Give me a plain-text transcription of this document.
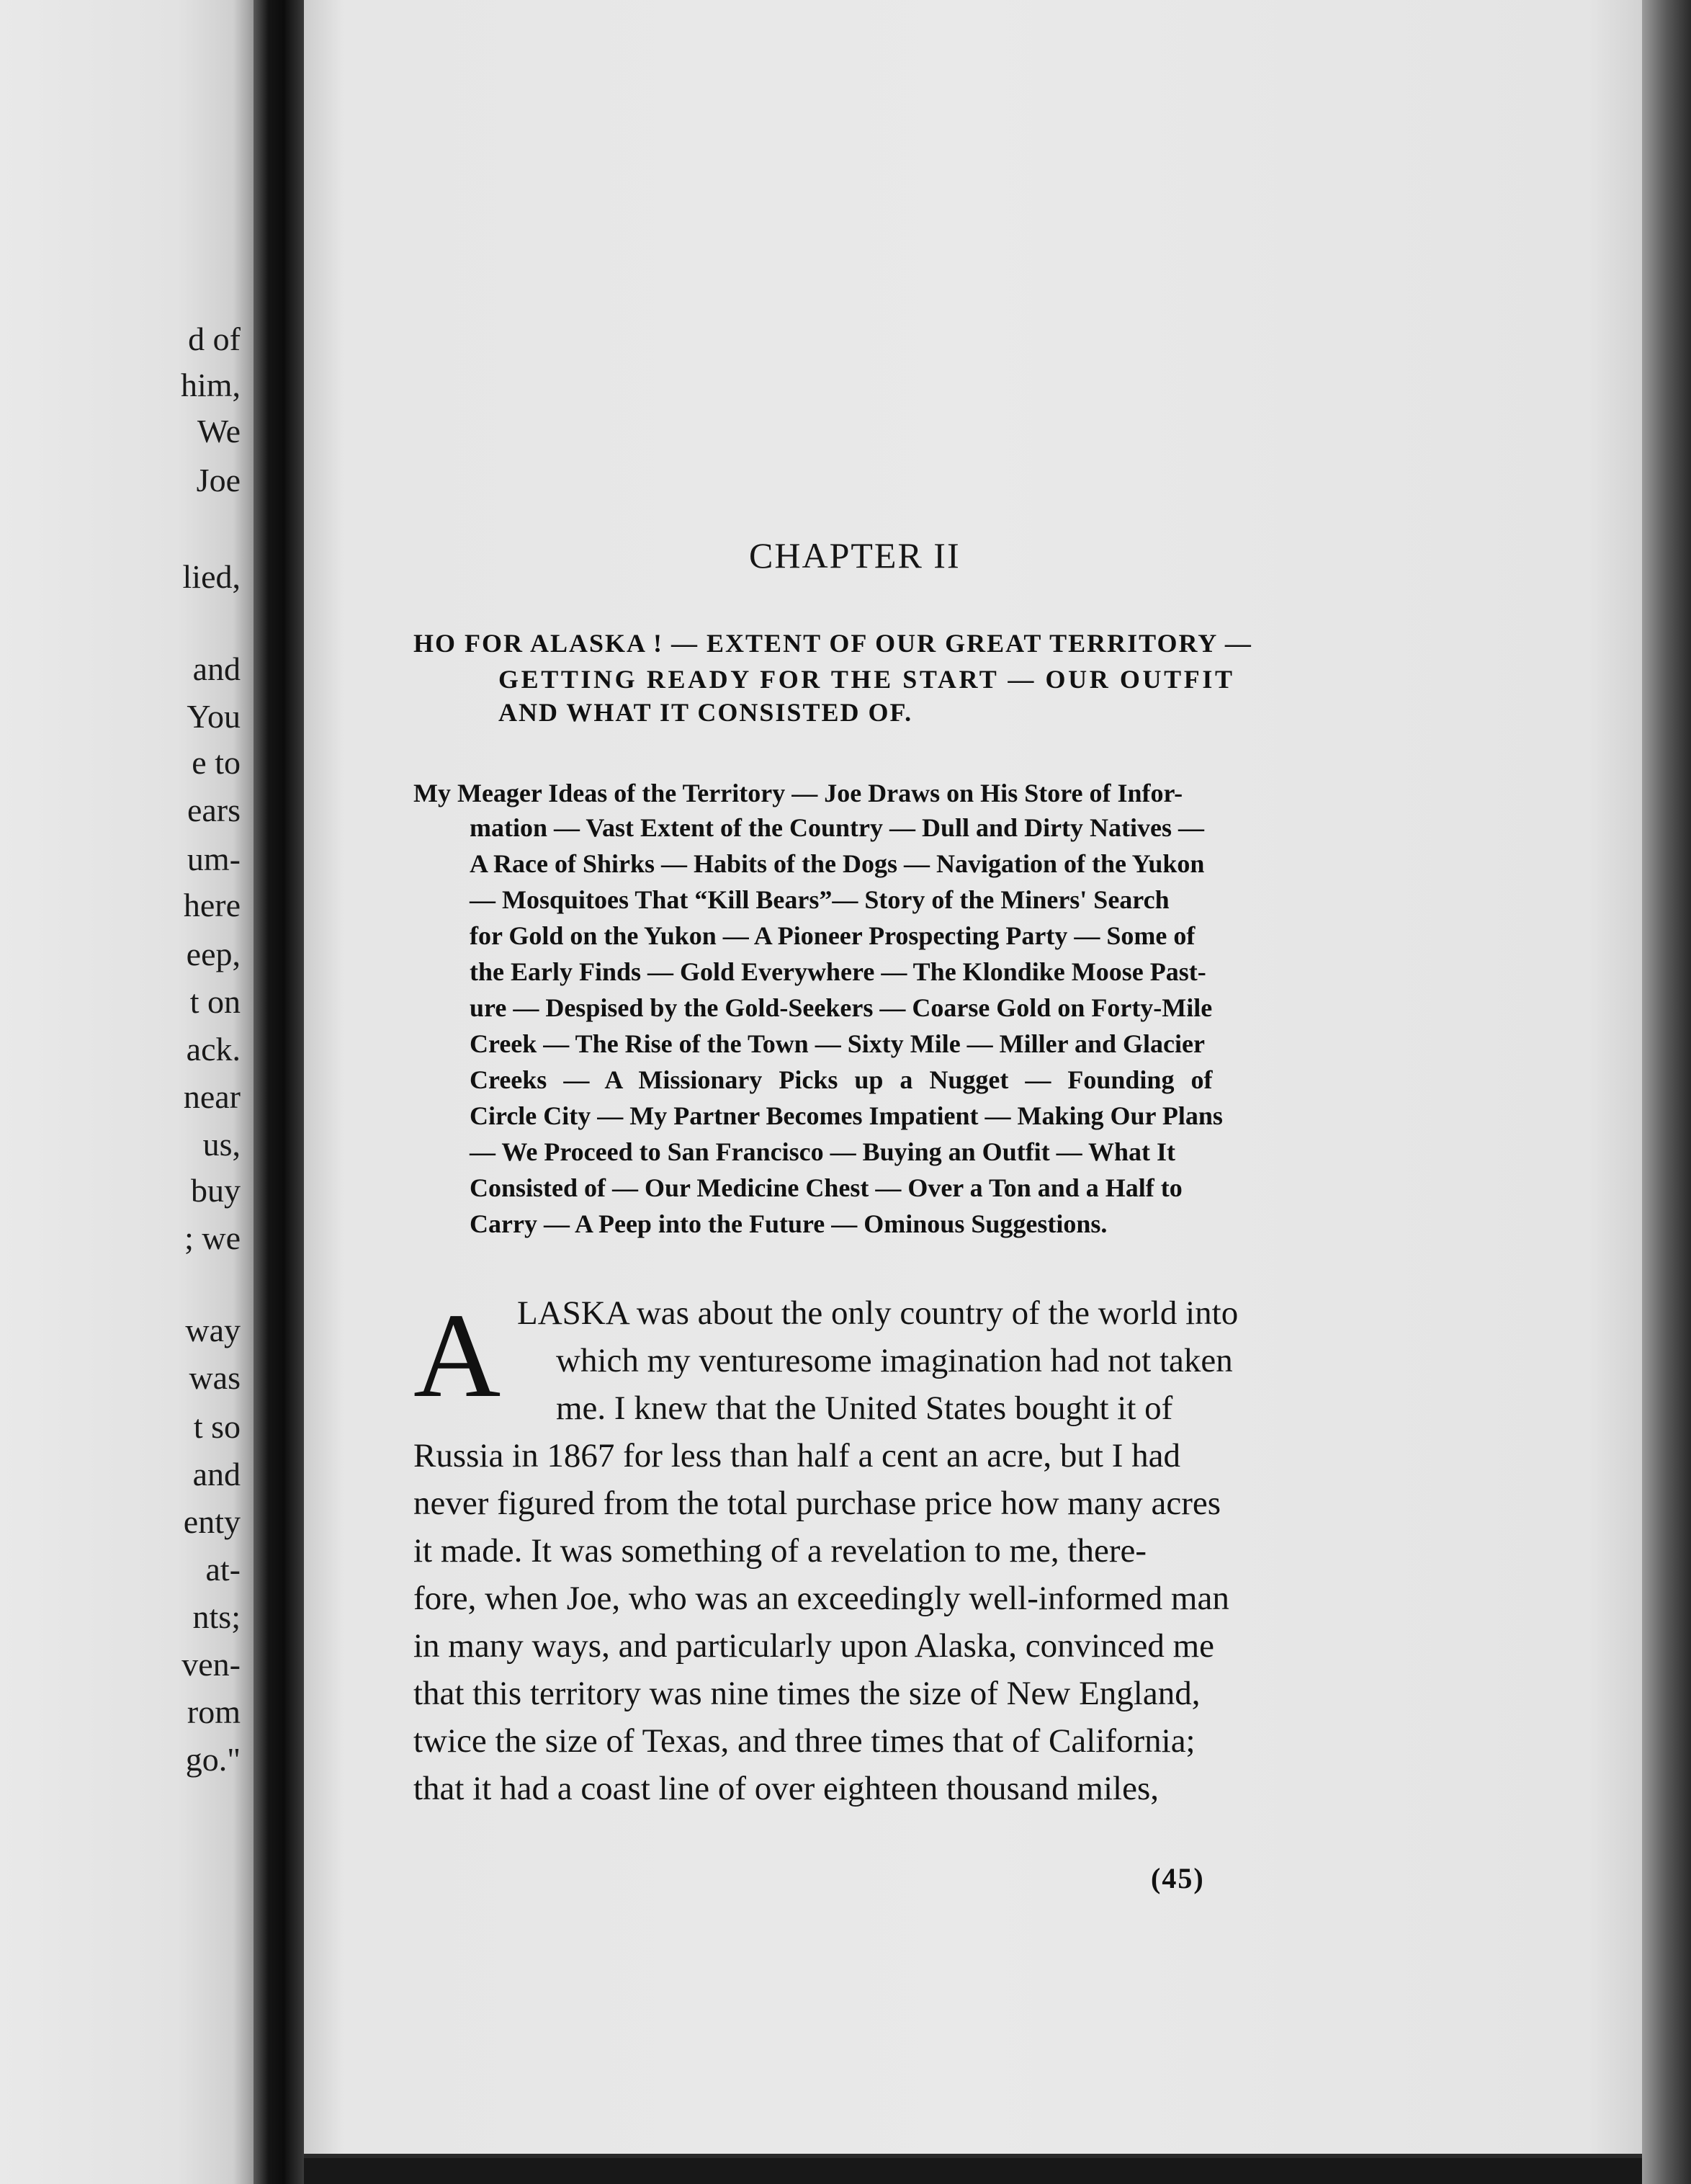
d of
him,
We
Joe
lied,
and
You
e to
ears
um-
here
eep,
t on
ack.
near
us,
buy
; we
way
was
t so
and
enty
at-
nts;
ven-
rom
go."
CHAPTER II
HO FOR ALASKA ! — EXTENT OF OUR GREAT TERRITORY —
GETTING READY FOR THE START — OUR OUTFIT
AND WHAT IT CONSISTED OF.
My Meager Ideas of the Territory — Joe Draws on His Store of Infor-
mation — Vast Extent of the Country — Dull and Dirty Natives —
A Race of Shirks — Habits of the Dogs — Navigation of the Yukon
— Mosquitoes That “Kill Bears”— Story of the Miners' Search
for Gold on the Yukon — A Pioneer Prospecting Party — Some of
the Early Finds — Gold Everywhere — The Klondike Moose Past-
ure — Despised by the Gold-Seekers — Coarse Gold on Forty-Mile
Creek — The Rise of the Town — Sixty Mile — Miller and Glacier
Creeks — A Missionary Picks up a Nugget — Founding of
Circle City — My Partner Becomes Impatient — Making Our Plans
— We Proceed to San Francisco — Buying an Outfit — What It
Consisted of — Our Medicine Chest — Over a Ton and a Half to
Carry — A Peep into the Future — Ominous Suggestions.
A LASKA was about the only country of the world into
which my venturesome imagination had not taken
me. I knew that the United States bought it of
Russia in 1867 for less than half a cent an acre, but I had
never figured from the total purchase price how many acres
it made. It was something of a revelation to me, there-
fore, when Joe, who was an exceedingly well-informed man
in many ways, and particularly upon Alaska, convinced me
that this territory was nine times the size of New England,
twice the size of Texas, and three times that of California;
that it had a coast line of over eighteen thousand miles,
(45)
